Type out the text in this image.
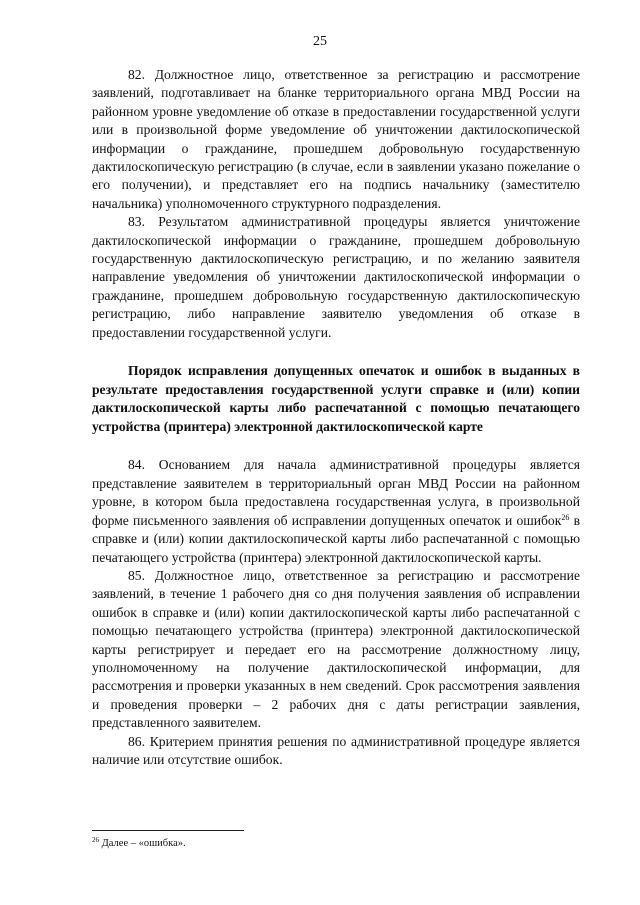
25

82. Должностное лицо, ответственное за регистрацию и рассмотрение заявлений, подготавливает на бланке территориального органа МВД России на районном уровне уведомление об отказе в предоставлении государственной услуги или в произвольной форме уведомление об уничтожении дактилоскопической информации о гражданине, прошедшем добровольную государственную дактилоскопическую регистрацию (в случае, если в заявлении указано пожелание о его получении), и представляет его на подпись начальнику (заместителю начальника) уполномоченного структурного подразделения.

83. Результатом административной процедуры является уничтожение дактилоскопической информации о гражданине, прошедшем добровольную государственную дактилоскопическую регистрацию, и по желанию заявителя направление уведомления об уничтожении дактилоскопической информации о гражданине, прошедшем добровольную государственную дактилоскопическую регистрацию, либо направление заявителю уведомления об отказе в предоставлении государственной услуги.

Порядок исправления допущенных опечаток и ошибок в выданных в результате предоставления государственной услуги справке и (или) копии дактилоскопической карты либо распечатанной с помощью печатающего устройства (принтера) электронной дактилоскопической карте

84. Основанием для начала административной процедуры является представление заявителем в территориальный орган МВД России на районном уровне, в котором была предоставлена государственная услуга, в произвольной форме письменного заявления об исправлении допущенных опечаток и ошибок$^{26}$ в справке и (или) копии дактилоскопической карты либо распечатанной с помощью печатающего устройства (принтера) электронной дактилоскопической карты.

85. Должностное лицо, ответственное за регистрацию и рассмотрение заявлений, в течение 1 рабочего дня со дня получения заявления об исправлении ошибок в справке и (или) копии дактилоскопической карты либо распечатанной с помощью печатающего устройства (принтера) электронной дактилоскопической карты регистрирует и передает его на рассмотрение должностному лицу, уполномоченному на получение дактилоскопической информации, для рассмотрения и проверки указанных в нем сведений. Срок рассмотрения заявления и проведения проверки – 2 рабочих дня с даты регистрации заявления, представленного заявителем.

86. Критерием принятия решения по административной процедуре является наличие или отсутствие ошибок.

$^{26}$ Далее – «ошибка».
